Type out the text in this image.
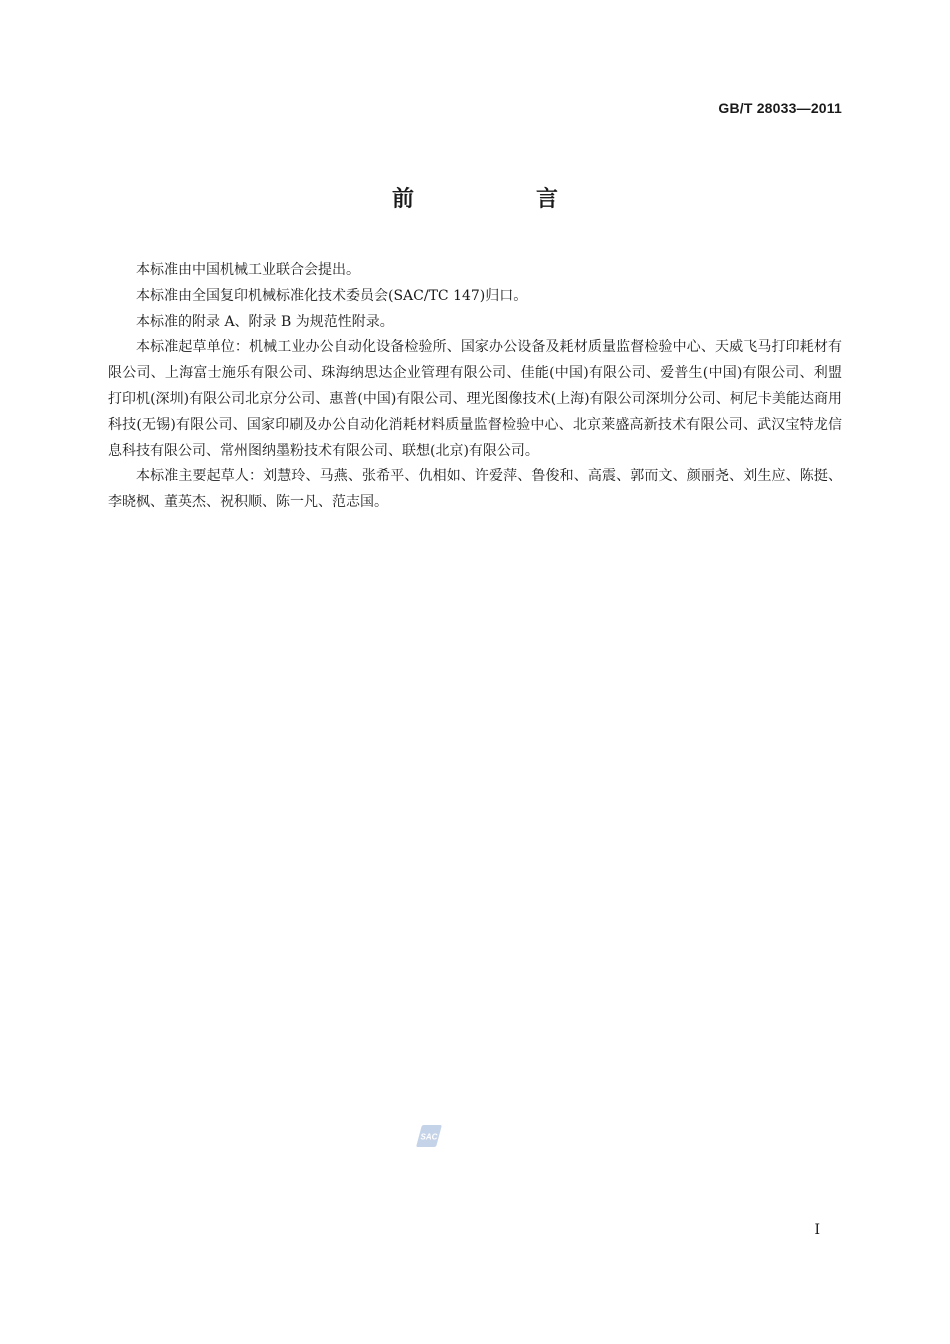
GB/T 28033—2011
前　言

本标准由中国机械工业联合会提出。

本标准由全国复印机械标准化技术委员会(SAC/TC 147)归口。

本标准的附录 A、附录 B 为规范性附录。

本标准起草单位：机械工业办公自动化设备检验所、国家办公设备及耗材质量监督检验中心、天威飞马打印耗材有限公司、上海富士施乐有限公司、珠海纳思达企业管理有限公司、佳能(中国)有限公司、爱普生(中国)有限公司、利盟打印机(深圳)有限公司北京分公司、惠普(中国)有限公司、理光图像技术(上海)有限公司深圳分公司、柯尼卡美能达商用科技(无锡)有限公司、国家印刷及办公自动化消耗材料质量监督检验中心、北京莱盛高新技术有限公司、武汉宝特龙信息科技有限公司、常州图纳墨粉技术有限公司、联想(北京)有限公司。

本标准主要起草人：刘慧玲、马燕、张希平、仇相如、许爱萍、鲁俊和、高震、郭而文、颜丽尧、刘生应、陈挺、李晓枫、董英杰、祝积顺、陈一凡、范志国。

SAC
I
